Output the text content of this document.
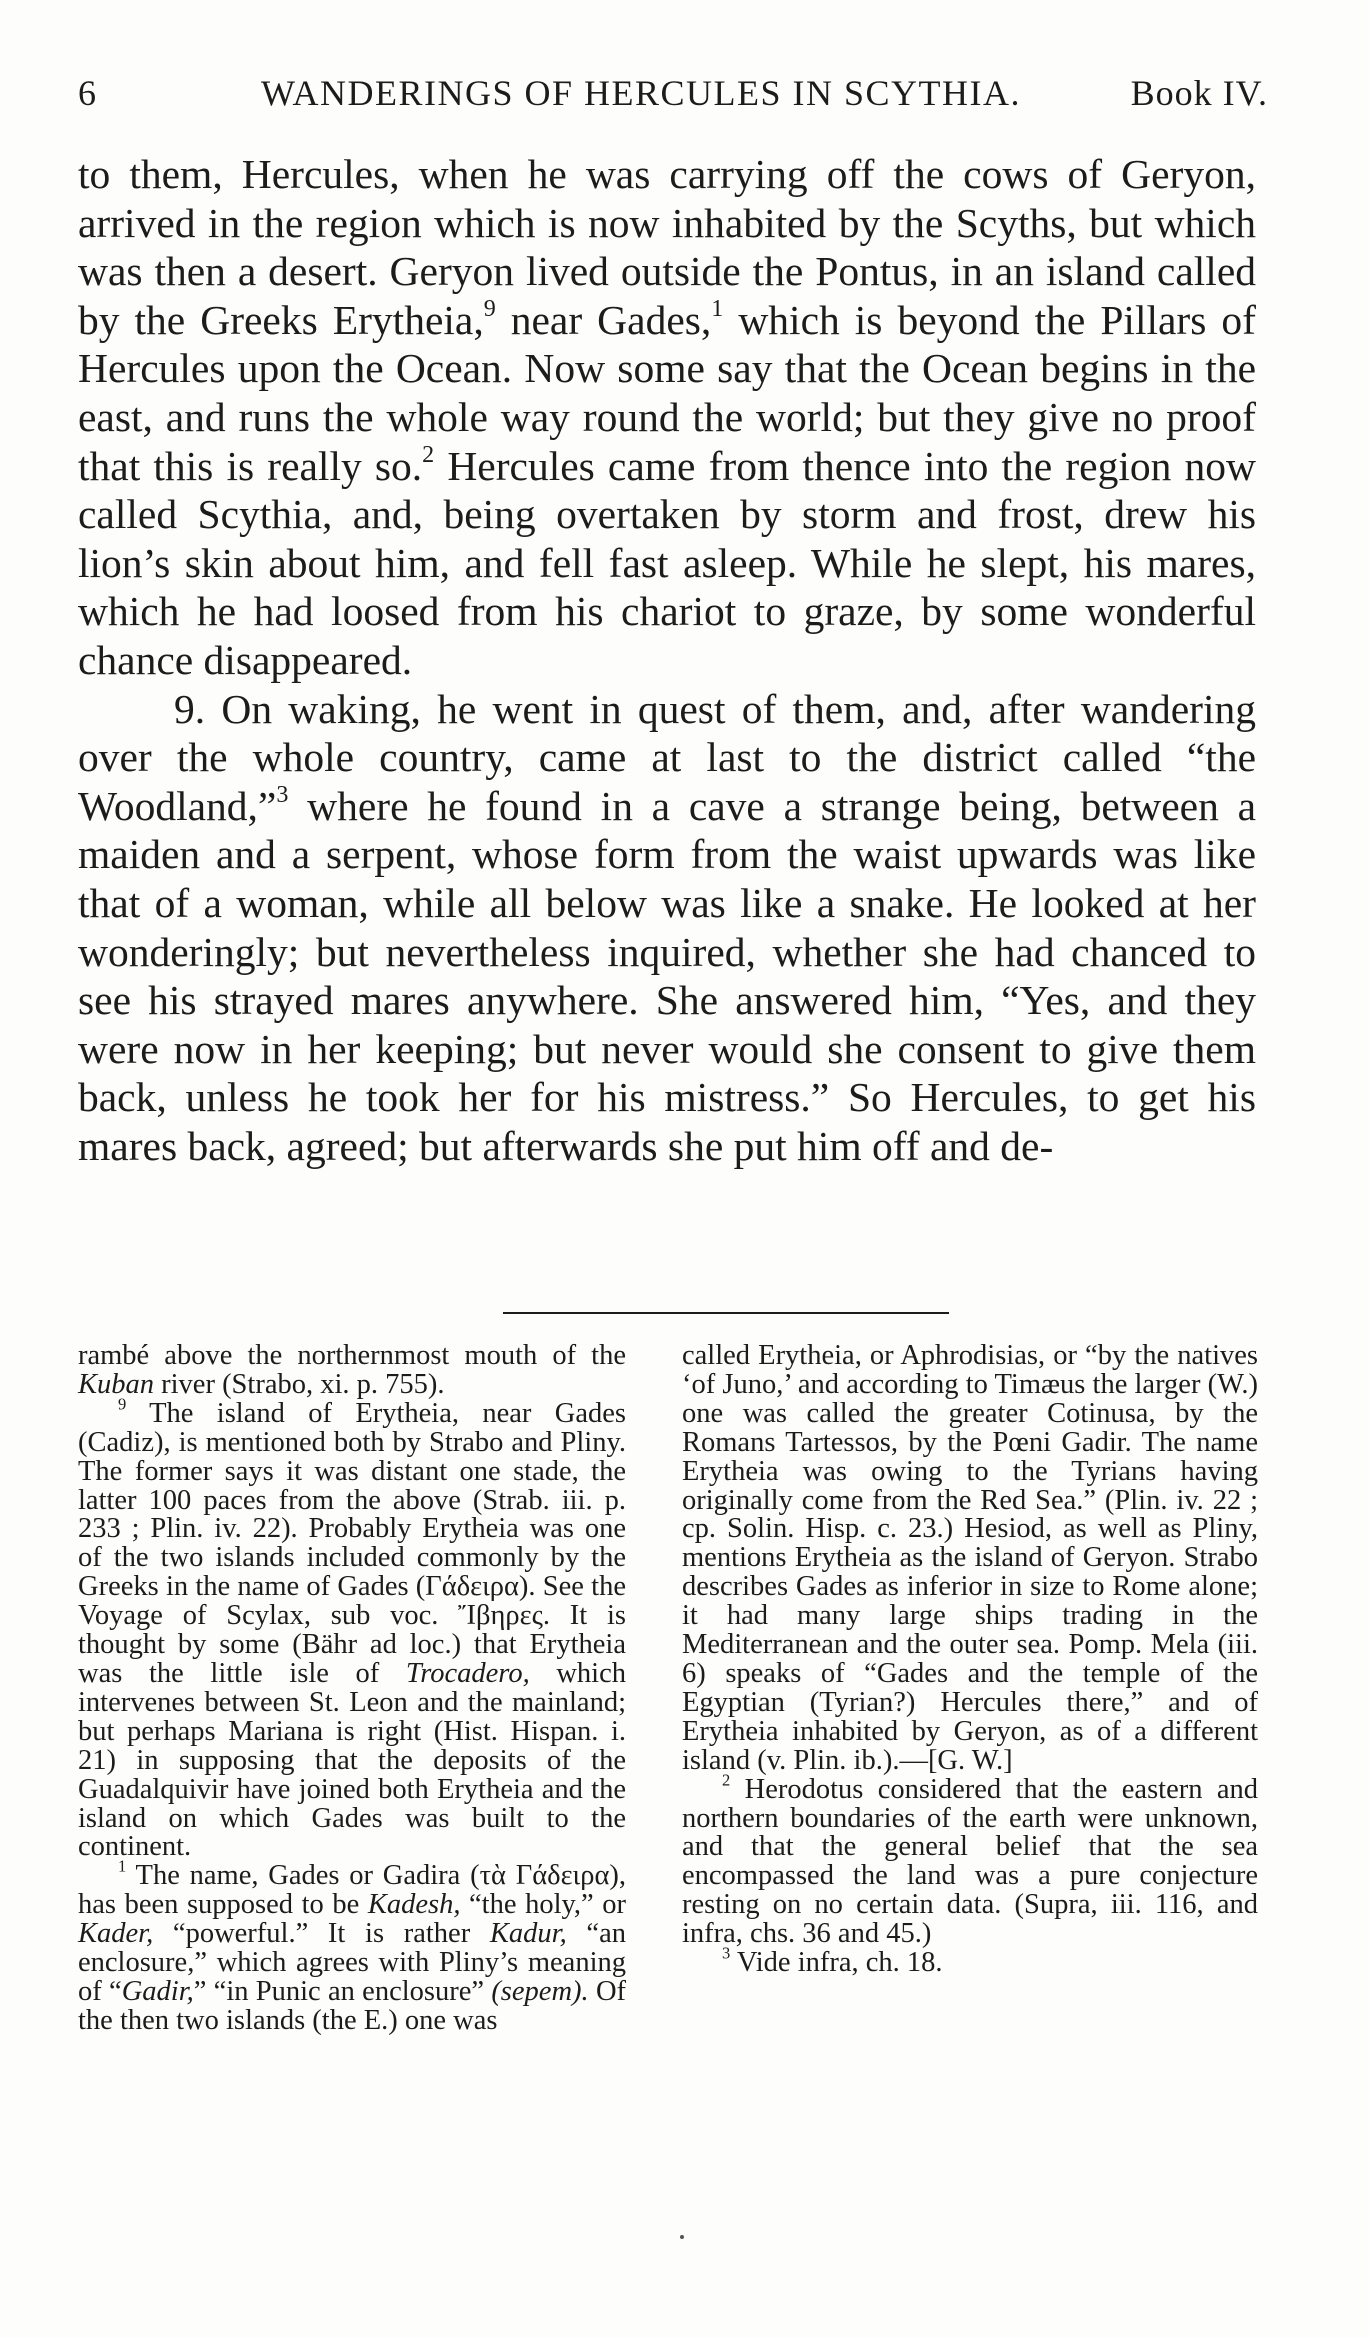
6	WANDERINGS OF HERCULES IN SCYTHIA.	Book IV.

to them, Hercules, when he was carrying off the cows of Geryon, arrived in the region which is now inhabited by the Scyths, but which was then a desert. Geryon lived outside the Pontus, in an island called by the Greeks Erytheia,$^9$ near Gades,$^1$ which is beyond the Pillars of Hercules upon the Ocean. Now some say that the Ocean begins in the east, and runs the whole way round the world; but they give no proof that this is really so.$^2$ Hercules came from thence into the region now called Scythia, and, being overtaken by storm and frost, drew his lion’s skin about him, and fell fast asleep. While he slept, his mares, which he had loosed from his chariot to graze, by some wonderful chance disappeared.

9. On waking, he went in quest of them, and, after wandering over the whole country, came at last to the district called “the Woodland,”$^3$ where he found in a cave a strange being, between a maiden and a serpent, whose form from the waist upwards was like that of a woman, while all below was like a snake. He looked at her wonderingly; but nevertheless inquired, whether she had chanced to see his strayed mares anywhere. She answered him, “Yes, and they were now in her keeping; but never would she consent to give them back, unless he took her for his mistress.” So Hercules, to get his mares back, agreed; but afterwards she put him off and de-

rambé above the northernmost mouth of the Kuban river (Strabo, xi. p. 755).

$^9$ The island of Erytheia, near Gades (Cadiz), is mentioned both by Strabo and Pliny. The former says it was distant one stade, the latter 100 paces from the above (Strab. iii. p. 233 ; Plin. iv. 22). Probably Erytheia was one of the two islands included commonly by the Greeks in the name of Gades (Γάδειρα). See the Voyage of Scylax, sub voc. Ἴβηρες. It is thought by some (Bähr ad loc.) that Erytheia was the little isle of Trocadero, which intervenes between St. Leon and the mainland; but perhaps Mariana is right (Hist. Hispan. i. 21) in supposing that the deposits of the Guadalquivir have joined both Erytheia and the island on which Gades was built to the continent.

$^1$ The name, Gades or Gadira (τὰ Γάδειρα), has been supposed to be Kadesh, “the holy,” or Kader, “powerful.” It is rather Kadur, “an enclosure,” which agrees with Pliny’s meaning of “Gadir,” “in Punic an enclosure” (sepem). Of the then two islands (the E.) one was

called Erytheia, or Aphrodisias, or “by the natives ‘of Juno,’ and according to Timæus the larger (W.) one was called the greater Cotinusa, by the Romans Tartessos, by the Pœni Gadir. The name Erytheia was owing to the Tyrians having originally come from the Red Sea.” (Plin. iv. 22 ; cp. Solin. Hisp. c. 23.) Hesiod, as well as Pliny, mentions Erytheia as the island of Geryon. Strabo describes Gades as inferior in size to Rome alone; it had many large ships trading in the Mediterranean and the outer sea. Pomp. Mela (iii. 6) speaks of “Gades and the temple of the Egyptian (Tyrian?) Hercules there,” and of Erytheia inhabited by Geryon, as of a different island (v. Plin. ib.).—[G. W.]

$^2$ Herodotus considered that the eastern and northern boundaries of the earth were unknown, and that the general belief that the sea encompassed the land was a pure conjecture resting on no certain data. (Supra, iii. 116, and infra, chs. 36 and 45.)

$^3$ Vide infra, ch. 18.
